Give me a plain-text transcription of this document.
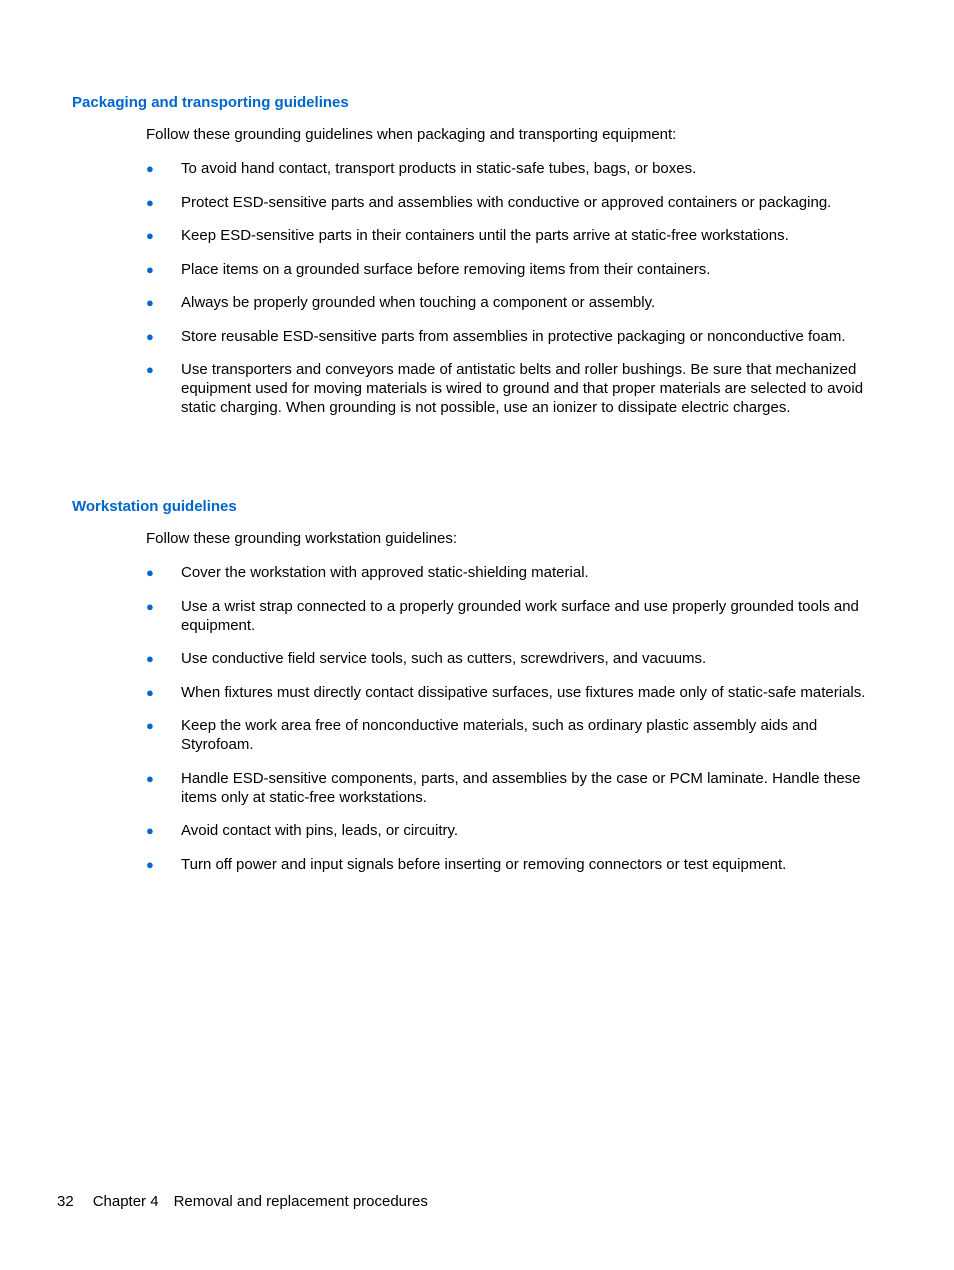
Packaging and transporting guidelines

Follow these grounding guidelines when packaging and transporting equipment:

● To avoid hand contact, transport products in static-safe tubes, bags, or boxes.
● Protect ESD-sensitive parts and assemblies with conductive or approved containers or packaging.
● Keep ESD-sensitive parts in their containers until the parts arrive at static-free workstations.
● Place items on a grounded surface before removing items from their containers.
● Always be properly grounded when touching a component or assembly.
● Store reusable ESD-sensitive parts from assemblies in protective packaging or nonconductive foam.
● Use transporters and conveyors made of antistatic belts and roller bushings. Be sure that mechanized equipment used for moving materials is wired to ground and that proper materials are selected to avoid static charging. When grounding is not possible, use an ionizer to dissipate electric charges.
Workstation guidelines

Follow these grounding workstation guidelines:

● Cover the workstation with approved static-shielding material.
● Use a wrist strap connected to a properly grounded work surface and use properly grounded tools and equipment.
● Use conductive field service tools, such as cutters, screwdrivers, and vacuums.
● When fixtures must directly contact dissipative surfaces, use fixtures made only of static-safe materials.
● Keep the work area free of nonconductive materials, such as ordinary plastic assembly aids and Styrofoam.
● Handle ESD-sensitive components, parts, and assemblies by the case or PCM laminate. Handle these items only at static-free workstations.
● Avoid contact with pins, leads, or circuitry.
● Turn off power and input signals before inserting or removing connectors or test equipment.
32 Chapter 4 Removal and replacement procedures
